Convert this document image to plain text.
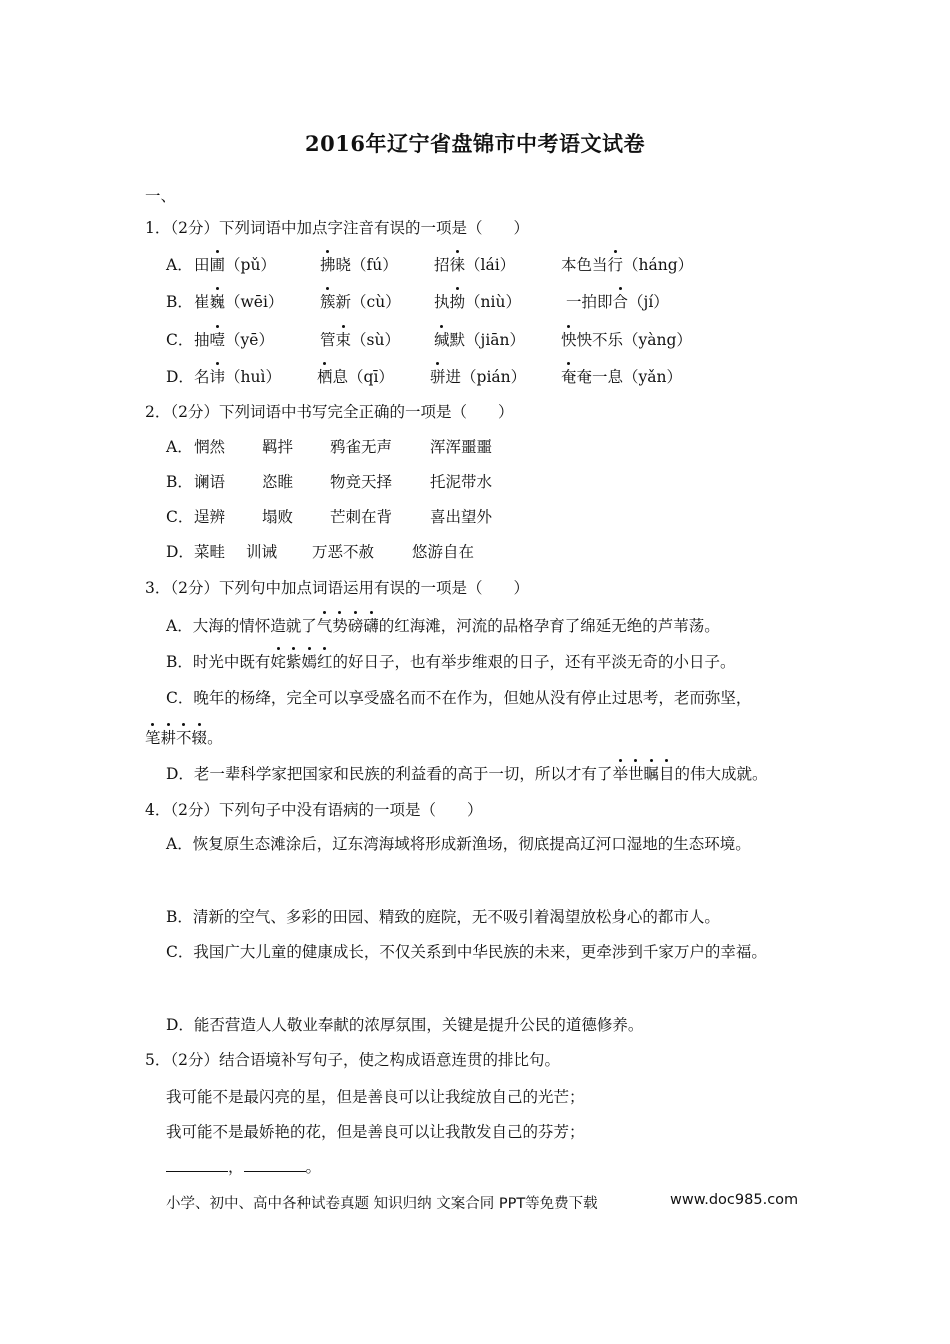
2016年辽宁省盘锦市中考语文试卷
一、
1．（2分）下列词语中加点字注音有误的一项是（　　）
A． 田圃（pǔ）	拂晓（fú） 招徕（lái）	本色当行（háng）
B． 崔巍（wēi） 簇新（cù） 执拗（niù）	一拍即合（jí）
C． 抽噎（yē）	管束（sù） 缄默（jiān） 怏怏不乐（yàng）
D． 名讳（huì） 栖息（qī） 骈进（pián） 奄奄一息（yǎn）
2．（2分）下列词语中书写完全正确的一项是（　　）
A． 惘然 羁拌 鸦雀无声 浑浑噩噩
B． 谰语 恣睢 物竞天择 托泥带水
C． 逞辨 塌败 芒刺在背 喜出望外
D． 菜畦 训诫 万恶不赦 悠游自在
3．（2分）下列句中加点词语运用有误的一项是（　　）
A．大海的情怀造就了气势磅礴的红海滩，河流的品格孕育了绵延无绝的芦苇荡。
B．时光中既有姹紫嫣红的好日子，也有举步维艰的日子，还有平淡无奇的小日子。
C．晚年的杨绛，完全可以享受盛名而不在作为，但她从没有停止过思考，老而弥坚，
笔耕不辍。
D．老一辈科学家把国家和民族的利益看的高于一切，所以才有了举世瞩目的伟大成就。
4．（2分）下列句子中没有语病的一项是（　　）
A．恢复原生态滩涂后，辽东湾海域将形成新渔场，彻底提高辽河口湿地的生态环境。
B．清新的空气、多彩的田园、精致的庭院，无不吸引着渴望放松身心的都市人。
C．我国广大儿童的健康成长，不仅关系到中华民族的未来，更牵涉到千家万户的幸福。
D．能否营造人人敬业奉献的浓厚氛围，关键是提升公民的道德修养。
5．（2分）结合语境补写句子，使之构成语意连贯的排比句。
我可能不是最闪亮的星，但是善良可以让我绽放自己的光芒；
我可能不是最娇艳的花，但是善良可以让我散发自己的芬芳；
，	。
小学、初中、高中各种试卷真题 知识归纳 文案合同 PPT等免费下载	www.doc985.com
